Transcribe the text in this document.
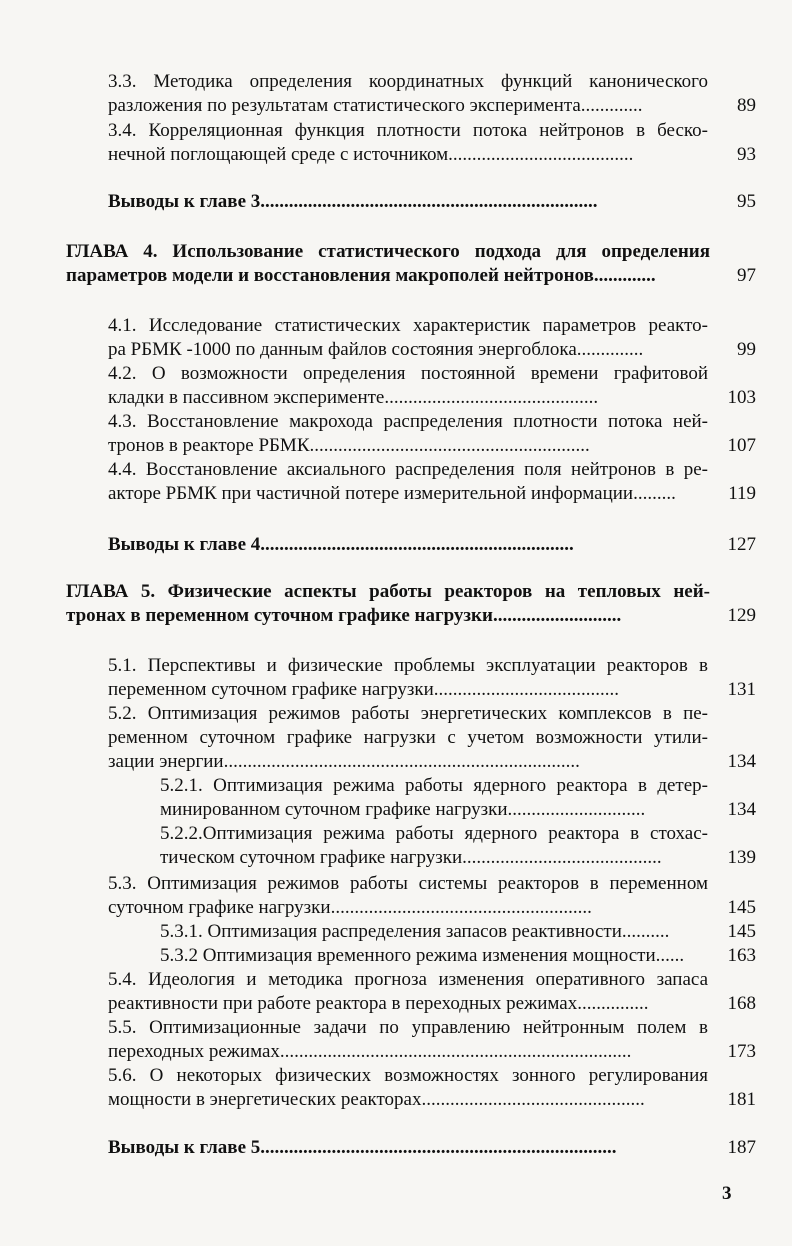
3.3. Методика определения координатных функций канонического
разложения по результатам статистического эксперимента.............	89
3.4. Корреляционная функция плотности потока нейтронов в беско-
нечной поглощающей среде с источником.......................................	93
Выводы к главе 3.......................................................................	95
ГЛАВА 4. Использование статистического подхода для определения
параметров модели и восстановления макрополей нейтронов.............	97
4.1. Исследование статистических характеристик параметров реакто-
ра РБМК -1000 по данным файлов состояния энергоблока..............	99
4.2. О возможности определения постоянной времени графитовой
кладки в пассивном эксперименте.............................................	103
4.3. Восстановление макрохода распределения плотности потока ней-
тронов в реакторе РБМК...........................................................	107
4.4. Восстановление аксиального распределения поля нейтронов в ре-
акторе РБМК при частичной потере измерительной информации.........	119
Выводы к главе 4..................................................................	127
ГЛАВА 5. Физические аспекты работы реакторов на тепловых ней-
тронах в переменном суточном графике нагрузки...........................	129
5.1. Перспективы и физические проблемы эксплуатации реакторов в
переменном суточном графике нагрузки.......................................	131
5.2. Оптимизация режимов работы энергетических комплексов в пе-
ременном суточном графике нагрузки с учетом возможности утили-
зации энергии...........................................................................	134
5.2.1. Оптимизация режима работы ядерного реактора в детер-
минированном суточном графике нагрузки.............................	134
5.2.2.Оптимизация режима работы ядерного реактора в стохас-
тическом суточном графике нагрузки..........................................	139
5.3. Оптимизация режимов работы системы реакторов в переменном
суточном графике нагрузки.......................................................	145
5.3.1. Оптимизация распределения запасов реактивности..........	145
5.3.2 Оптимизация временного режима изменения мощности......	163
5.4. Идеология и методика прогноза изменения оперативного запаса
реактивности при работе реактора в переходных режимах...............	168
5.5. Оптимизационные задачи по управлению нейтронным полем в
переходных режимах..........................................................................	173
5.6. О некоторых физических возможностях зонного регулирования
мощности в энергетических реакторах...............................................	181
Выводы к главе 5...........................................................................	187
3
